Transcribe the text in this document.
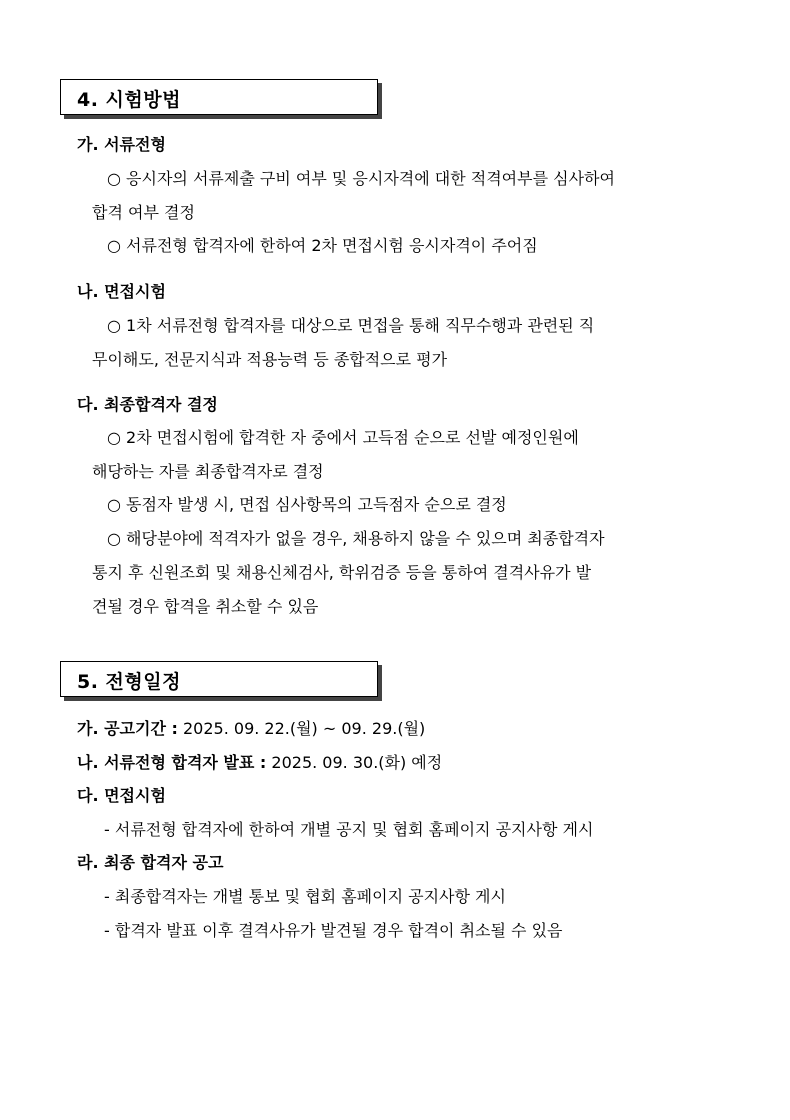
4. 시험방법
가. 서류전형
○ 응시자의 서류제출 구비 여부 및 응시자격에 대한 적격여부를 심사하여
합격 여부 결정
○ 서류전형 합격자에 한하여 2차 면접시험 응시자격이 주어짐
나. 면접시험
○ 1차 서류전형 합격자를 대상으로 면접을 통해 직무수행과 관련된 직
무이해도, 전문지식과 적용능력 등 종합적으로 평가
다. 최종합격자 결정
○ 2차 면접시험에 합격한 자 중에서 고득점 순으로 선발 예정인원에
해당하는 자를 최종합격자로 결정
○ 동점자 발생 시, 면접 심사항목의 고득점자 순으로 결정
○ 해당분야에 적격자가 없을 경우, 채용하지 않을 수 있으며 최종합격자
통지 후 신원조회 및 채용신체검사, 학위검증 등을 통하여 결격사유가 발
견될 경우 합격을 취소할 수 있음
5. 전형일정
가. 공고기간 : 2025. 09. 22.(월) ~ 09. 29.(월)
나. 서류전형 합격자 발표 : 2025. 09. 30.(화) 예정
다. 면접시험
- 서류전형 합격자에 한하여 개별 공지 및 협회 홈페이지 공지사항 게시
라. 최종 합격자 공고
- 최종합격자는 개별 통보 및 협회 홈페이지 공지사항 게시
- 합격자 발표 이후 결격사유가 발견될 경우 합격이 취소될 수 있음
